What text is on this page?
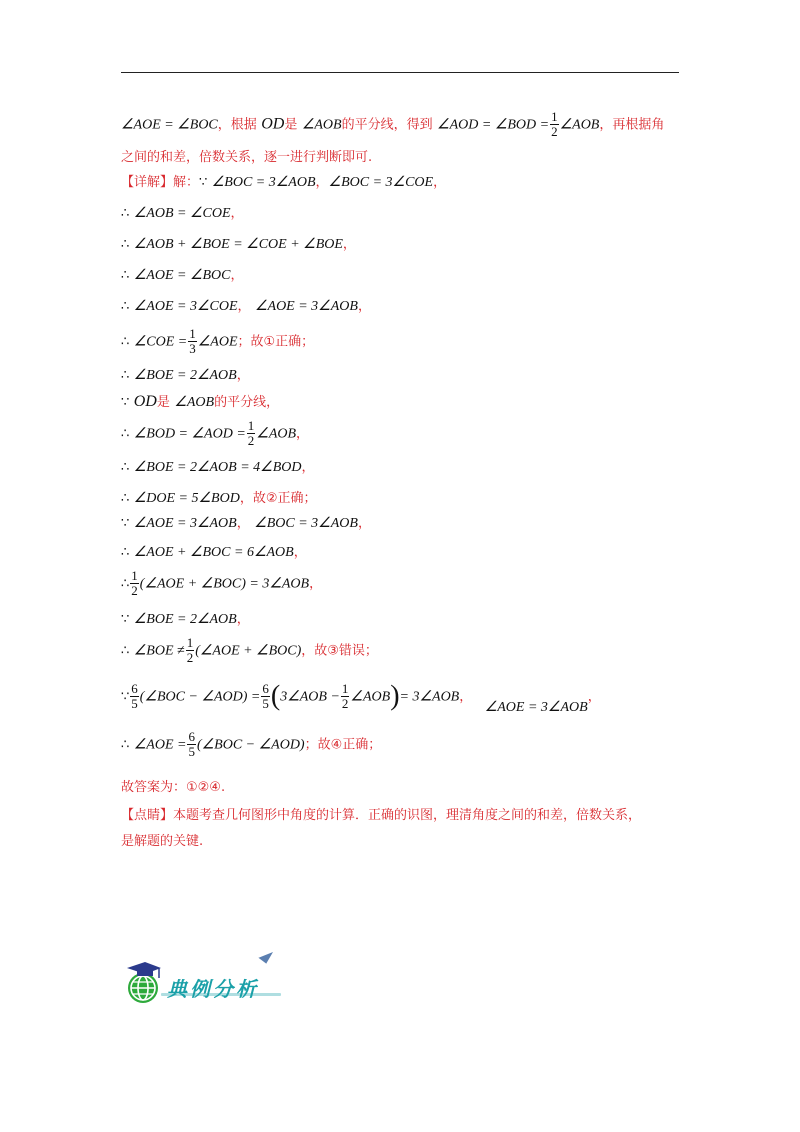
∠AOE = ∠BOC，根据 OD是 ∠AOB的平分线，得到 ∠AOD = ∠BOD = $\frac{1}{2}$ ∠AOB，再根据角
之间的和差，倍数关系，逐一进行判断即可.
【详解】解：∵ ∠BOC = 3∠AOB，∠BOC = 3∠COE，
∴ ∠AOB = ∠COE，
∴ ∠AOB + ∠BOE = ∠COE + ∠BOE，
∴ ∠AOE = ∠BOC，
∴ ∠AOE = 3∠COE， ∠AOE = 3∠AOB，
∴ ∠COE = $\frac{1}{3}$ ∠AOE；故①正确；
∴ ∠BOE = 2∠AOB，
∵ OD是 ∠AOB的平分线，
∴ ∠BOD = ∠AOD = $\frac{1}{2}$ ∠AOB，
∴ ∠BOE = 2∠AOB = 4∠BOD，
∴ ∠DOE = 5∠BOD，故②正确；
∵ ∠AOE = 3∠AOB， ∠BOC = 3∠AOB，
∴ ∠AOE + ∠BOC = 6∠AOB，
∴ $\frac{1}{2}$ (∠AOE + ∠BOC) = 3∠AOB，
∵ ∠BOE = 2∠AOB，
∴ ∠BOE ≠ $\frac{1}{2}$ (∠AOE + ∠BOC)，故③错误；
∵ $\frac{6}{5}$ (∠BOC − ∠AOD) = $\frac{6}{5}$ (3∠AOB − $\frac{1}{2}$ ∠AOB)= 3∠AOB， ∠AOE = 3∠AOB，
∴ ∠AOE = $\frac{6}{5}$ (∠BOC − ∠AOD)；故④正确；
故答案为：①②④.
【点睛】本题考查几何图形中角度的计算．正确的识图，理清角度之间的和差，倍数关系，
是解题的关键.
典例分析
